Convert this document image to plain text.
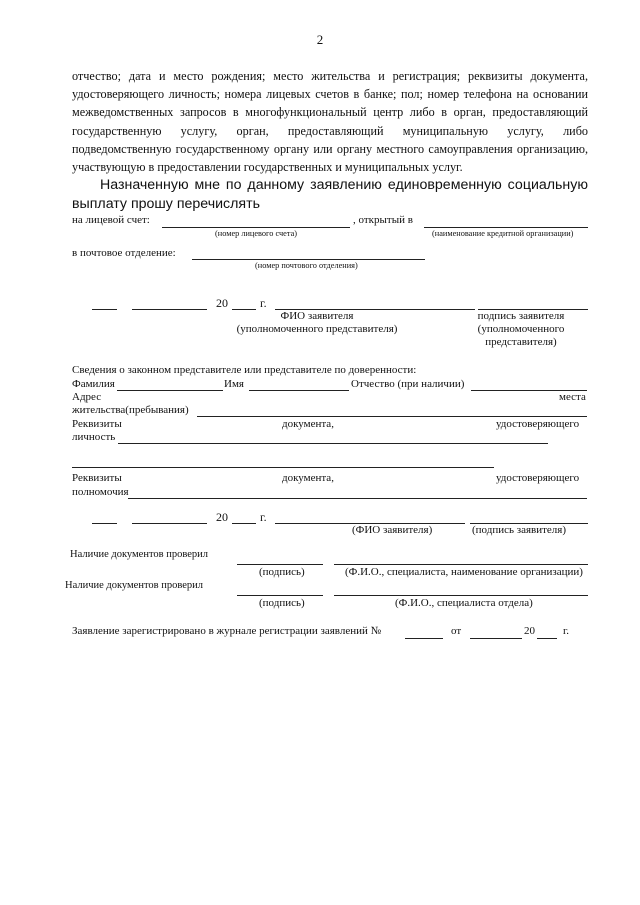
2
отчество; дата и место рождения; место жительства и регистрация; реквизиты документа, удостоверяющего личность; номера лицевых счетов в банке; пол; номер телефона на основании межведомственных запросов в многофункциональный центр либо в орган, предоставляющий государственную услугу, орган, предоставляющий муниципальную услугу, либо подведомственную государственному органу или органу местного самоуправления организацию, участвующую в предоставлении государственных и муниципальных услуг.
Назначенную мне по данному заявлению единовременную социальную выплату прошу перечислять
на лицевой счет:	, открытый в
(номер лицевого счета)	(наименование кредитной организации)
в почтовое отделение:
(номер почтового отделения)
20	г.
ФИО заявителя
(уполномоченного представителя)
подпись заявителя
(уполномоченного
представителя)
Сведения о законном представителе или представителе по доверенности:
Фамилия	Имя	Отчество (при наличии)
Адрес	места
жительства(пребывания)
Реквизиты	документа,	удостоверяющего
личность
Реквизиты	документа,	удостоверяющего
полномочия
20	г.
(ФИО заявителя)	(подпись заявителя)
Наличие документов проверил
(подпись)	(Ф.И.О., специалиста, наименование организации)
Наличие документов проверил
(подпись)	(Ф.И.О., специалиста отдела)
Заявление зарегистрировано в журнале регистрации заявлений №	от	20	г.
